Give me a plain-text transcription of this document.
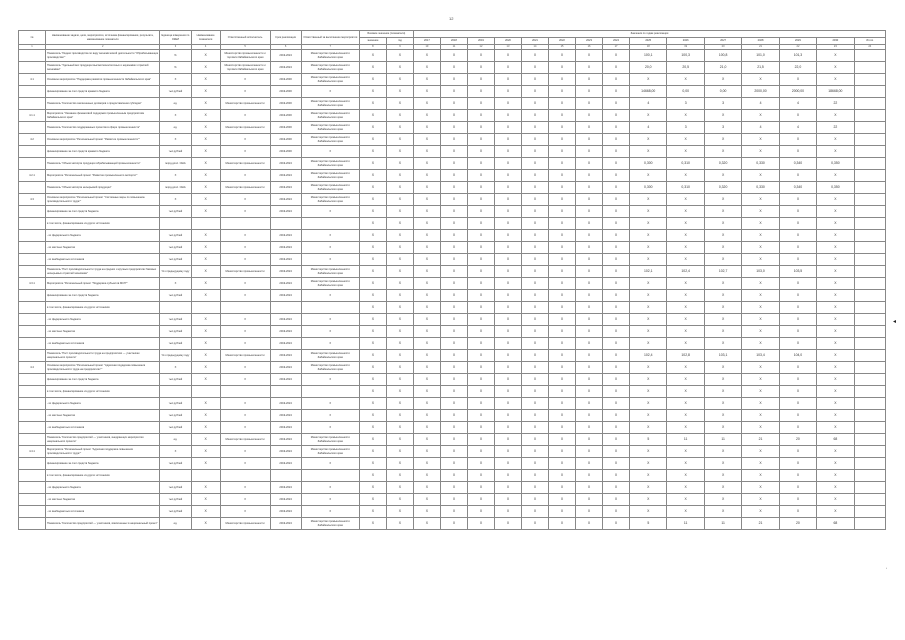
12
№	Наименование задачи, цели, мероприятия, источника финансирования, результата, наименование показателя	Единица измерения по ОКЕИ	Наименование показателя	Ответственный исполнитель	Срок реализации	Ответственный за выполнение мероприятия	Базовое значение (показателя)		Значения по годам реализации														
							значение	год	2017	2018	2019	2020	2021	2022	2023	2024	2025	2026	2027	2028	2029	2030	Итого
1	2	3	4	5	6	7	8	9	10	11	12	13	14	15	16	17	18	19	20	21	22	23	24
	Показатель "Индекс производства по виду экономической деятельности "Обрабатывающие производства""	%	X	Министерство промышленности и торговли Забайкальского края	2019-2024	Министерство промышленности Забайкальского края	X	X	X	X	X	X	X	X	X	X	100,1	100,3	100,8	101,0	101,3	X	
	Показатель "Удельный вес продукции высокотехнологичных и наукоемких отраслей экономики"	%	X	Министерство промышленности и торговли Забайкальского края	2019-2024	Министерство промышленности Забайкальского края	X	X	X	X	X	X	X	X	X	X	20,0	20,5	21,0	21,5	22,0	X	
4.1	Основное мероприятие "Поддержка развития промышленности Забайкальского края"	X	X	X	2019-2030	Министерство промышленности Забайкальского края	X	X	X	X	X	X	X	X	X	X	X	X	X	X	X	X	
	финансирование за счет средств краевого бюджета	тыс.рублей	X	X	2019-2030	X	X	X	X	X	X	X	X	X	X	X	14668,00	0,00	0,00	2000,00	2000,00	18668,00	
	Показатель "Количество заключенных договоров о предоставлении субсидии"	ед.	X	Министерство промышленности	2019-2030	Министерство промышленности Забайкальского края	X	X	X	X	X	X	X	X	X	X	4	3	3	4	4	22	
4.1.1	Мероприятие "Оказание финансовой поддержки промышленным предприятиям Забайкальского края"	X	X	X	2019-2030	Министерство промышленности Забайкальского края	X	X	X	X	X	X	X	X	X	X	X	X	X	X	X	X	
	Показатель "Количество поддержанных проектов в сфере промышленности"	ед.	X	Министерство промышленности	2019-2030	Министерство промышленности Забайкальского края	X	X	X	X	X	X	X	X	X	X	4	3	3	4	4	22	
4.2	Основное мероприятие "Региональный проект "Развитие промышленности""	X	X	X	2019-2030	Министерство промышленности Забайкальского края	X	X	X	X	X	X	X	X	X	X	X	X	X	X	X	X	
	финансирование за счет средств краевого бюджета	тыс.рублей	X	X	2019-2030	X	X	X	X	X	X	X	X	X	X	X	X	X	X	X	X	X	
	Показатель "Объем экспорта продукции обрабатывающей промышленности"	млрд.долл. США	X	Министерство промышленности	2019-2024	Министерство промышленности Забайкальского края	X	X	X	X	X	X	X	X	X	X	0,300	0,310	0,320	0,330	0,340	0,350	
4.2.1	Мероприятие "Региональный проект "Развитие промышленного экспорта""	X	X	X	2019-2024	Министерство промышленности Забайкальского края	X	X	X	X	X	X	X	X	X	X	X	X	X	X	X	X	
	Показатель "Объем экспорта несырьевой продукции"	млрд.долл. США	X	Министерство промышленности	2019-2024	Министерство промышленности Забайкальского края	X	X	X	X	X	X	X	X	X	X	0,300	0,310	0,320	0,330	0,340	0,350	
4.3	Основное мероприятие "Региональный проект "Системные меры по повышению производительности труда""	X	X	X	2019-2024	Министерство промышленности Забайкальского края	X	X	X	X	X	X	X	X	X	X	X	X	X	X	X	X	
	финансирование за счет средств бюджета	тыс.рублей	X	X	2019-2024	X	X	X	X	X	X	X	X	X	X	X	X	X	X	X	X	X	
	в том числе, финансирование из других источников						X	X	X	X	X	X	X	X	X	X	X	X	X	X	X	X	
	- из федерального бюджета	тыс.рублей	X	X	2019-2024	X	X	X	X	X	X	X	X	X	X	X	X	X	X	X	X	X	
	- из местных бюджетов	тыс.рублей	X	X	2019-2024	X	X	X	X	X	X	X	X	X	X	X	X	X	X	X	X	X	
	- из внебюджетных источников	тыс.рублей	X	X	2019-2024	X	X	X	X	X	X	X	X	X	X	X	X	X	X	X	X	X	
	Показатель "Рост производительности труда на средних и крупных предприятиях базовых несырьевых отраслей экономики"	% к предыдущему году	X	Министерство промышленности	2019-2024	Министерство промышленности Забайкальского края	X	X	X	X	X	X	X	X	X	X	102,1	102,4	102,7	103,0	103,5	X	
4.3.1	Мероприятие "Региональный проект "Поддержка субъектов МСП""	X	X	X	2019-2024	Министерство промышленности Забайкальского края	X	X	X	X	X	X	X	X	X	X	X	X	X	X	X	X	
	финансирование за счет средств бюджета	тыс.рублей	X	X	2019-2024	X	X	X	X	X	X	X	X	X	X	X	X	X	X	X	X	X	
	в том числе, финансирование из других источников						X	X	X	X	X	X	X	X	X	X	X	X	X	X	X	X	
	- из федерального бюджета	тыс.рублей	X	X	2019-2024	X	X	X	X	X	X	X	X	X	X	X	X	X	X	X	X	X	
	- из местных бюджетов	тыс.рублей	X	X	2019-2024	X	X	X	X	X	X	X	X	X	X	X	X	X	X	X	X	X	
	- из внебюджетных источников	тыс.рублей	X	X	2019-2024	X	X	X	X	X	X	X	X	X	X	X	X	X	X	X	X	X	
	Показатель "Рост производительности труда на предприятиях — участниках национального проекта"	% к предыдущему году	X	Министерство промышленности	2019-2024	Министерство промышленности Забайкальского края	X	X	X	X	X	X	X	X	X	X	102,4	102,8	103,1	103,4	104,0	X	
4.4	Основное мероприятие "Региональный проект "Адресная поддержка повышения производительности труда на предприятиях""	X	X	X	2019-2024	Министерство промышленности Забайкальского края	X	X	X	X	X	X	X	X	X	X	X	X	X	X	X	X	
	финансирование за счет средств бюджета	тыс.рублей	X	X	2019-2024	X	X	X	X	X	X	X	X	X	X	X	X	X	X	X	X	X	
	в том числе, финансирование из других источников						X	X	X	X	X	X	X	X	X	X	X	X	X	X	X	X	
	- из федерального бюджета	тыс.рублей	X	X	2019-2024	X	X	X	X	X	X	X	X	X	X	X	X	X	X	X	X	X	
	- из местных бюджетов	тыс.рублей	X	X	2019-2024	X	X	X	X	X	X	X	X	X	X	X	X	X	X	X	X	X	
	- из внебюджетных источников	тыс.рублей	X	X	2019-2024	X	X	X	X	X	X	X	X	X	X	X	X	X	X	X	X	X	
	Показатель "Количество предприятий — участников, внедряющих мероприятия национального проекта"	ед.	X	Министерство промышленности	2019-2024	Министерство промышленности Забайкальского края	X	X	X	X	X	X	X	X	X	X	5	11	11	21	20	68	
4.4.1	Мероприятие "Региональный проект "Адресная поддержка повышения производительности труда""	X	X	X	2019-2024	Министерство промышленности Забайкальского края	X	X	X	X	X	X	X	X	X	X	X	X	X	X	X	X	
	финансирование за счет средств бюджета	тыс.рублей	X	X	2019-2024	X	X	X	X	X	X	X	X	X	X	X	X	X	X	X	X	X	
	в том числе, финансирование из других источников						X	X	X	X	X	X	X	X	X	X	X	X	X	X	X	X	
	- из федерального бюджета	тыс.рублей	X	X	2019-2024	X	X	X	X	X	X	X	X	X	X	X	X	X	X	X	X	X	
	- из местных бюджетов	тыс.рублей	X	X	2019-2024	X	X	X	X	X	X	X	X	X	X	X	X	X	X	X	X	X	
	- из внебюджетных источников	тыс.рублей	X	X	2019-2024	X	X	X	X	X	X	X	X	X	X	X	X	X	X	X	X	X	
	Показатель "Количество предприятий — участников, вовлеченных в национальный проект"	ед.	X	Министерство промышленности	2019-2024	Министерство промышленности Забайкальского края	X	X	X	X	X	X	X	X	X	X	5	11	11	21	20	68	
◂
•
